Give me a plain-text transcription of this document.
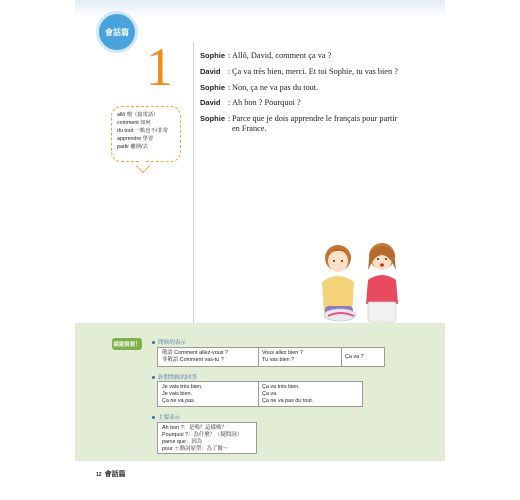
會話篇
1
allô 喂（接電話）
comment 如何
du tout 一點也不/非常
apprendre 學習
partir 離開/去
Sophie : Allô, David, comment ça va ?
David : Ça va très bien, merci. Et toi Sophie, tu vas bien ?
Sophie : Non, ça ne va pas du tout.
David : Ah bon ? Pourquoi ?
Sophie : Parce que je dois apprendre le français pour partir en France.
請說說看！	問候的表示
敬語 Comment allez-vous ?
非敬語 Comment vas-tu ?
Vous allez bien ?
Tu vas bien ?	Ça va ?
針對問候的回答
Je vais très bien.
Je vais bien.
Ça ne va pas.
Ça va très bien.
Ça va.
Ça ne va pas du tout.
主要表示
Ah bon ?：是嗎？這樣嗎？
Pourquoi ?：為什麼？（疑問詞）
parce que：因為
pour ＋動詞原型：為了做～
12 會話篇
